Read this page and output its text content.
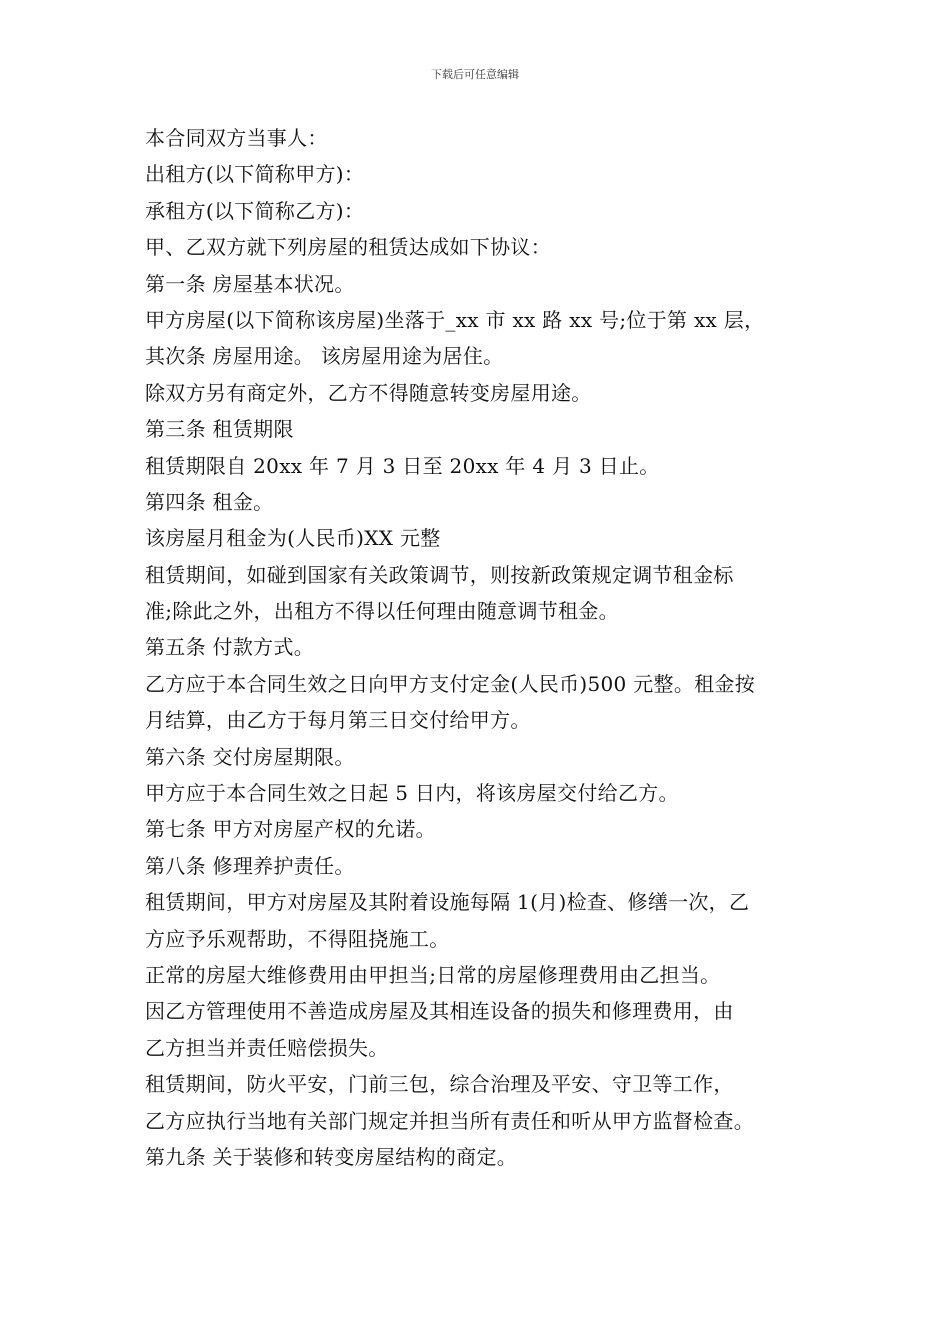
下载后可任意编辑
本合同双方当事人：
出租方(以下简称甲方)：
承租方(以下简称乙方)：
甲、乙双方就下列房屋的租赁达成如下协议：
第一条 房屋基本状况。
甲方房屋(以下简称该房屋)坐落于_xx 市 xx 路 xx 号;位于第 xx 层，
其次条 房屋用途。 该房屋用途为居住。
除双方另有商定外，乙方不得随意转变房屋用途。
第三条 租赁期限
租赁期限自 20xx 年 7 月 3 日至 20xx 年 4 月 3 日止。
第四条 租金。
该房屋月租金为(人民币)XX 元整
租赁期间，如碰到国家有关政策调节，则按新政策规定调节租金标
准;除此之外，出租方不得以任何理由随意调节租金。
第五条 付款方式。
乙方应于本合同生效之日向甲方支付定金(人民币)500 元整。租金按
月结算，由乙方于每月第三日交付给甲方。
第六条 交付房屋期限。
甲方应于本合同生效之日起 5 日内，将该房屋交付给乙方。
第七条 甲方对房屋产权的允诺。
第八条 修理养护责任。
租赁期间，甲方对房屋及其附着设施每隔 1(月)检查、修缮一次，乙
方应予乐观帮助，不得阻挠施工。
正常的房屋大维修费用由甲担当;日常的房屋修理费用由乙担当。
因乙方管理使用不善造成房屋及其相连设备的损失和修理费用，由
乙方担当并责任赔偿损失。
租赁期间，防火平安，门前三包，综合治理及平安、守卫等工作，
乙方应执行当地有关部门规定并担当所有责任和听从甲方监督检查。
第九条 关于装修和转变房屋结构的商定。
